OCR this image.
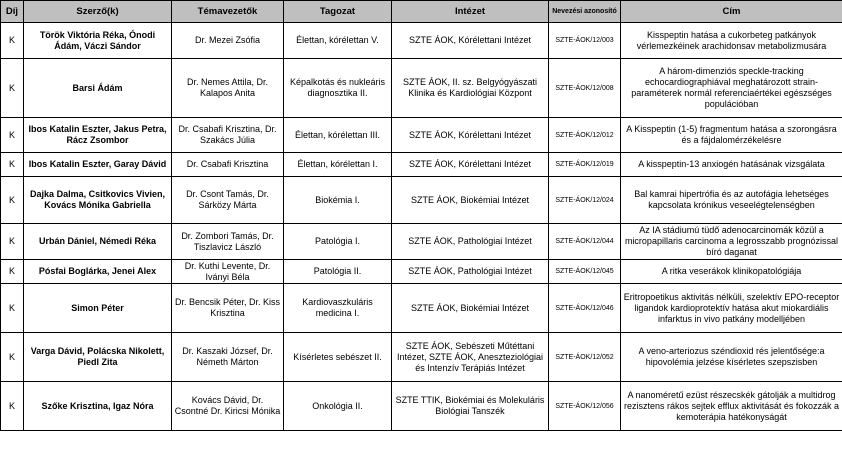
Díj	Szerző(k)	Témavezetők	Tagozat	Intézet	Nevezési azonosító	Cím
K	Török Viktória Réka, Ónodi Ádám, Váczi Sándor	Dr. Mezei Zsófia	Élettan, kórélettan V.	SZTE ÁOK, Kórélettani Intézet	SZTE-ÁOK/12/003	Kisspeptin hatása a cukorbeteg patkányok vérlemezkéinek arachidonsav metabolizmusára
K	Barsi Ádám	Dr. Nemes Attila, Dr. Kalapos Anita	Képalkotás és nukleáris diagnosztika II.	SZTE ÁOK, II. sz. Belgyógyászati Klinika és Kardiológiai Központ	SZTE-ÁOK/12/008	A három-dimenziós speckle-tracking echocardiographiával meghatározott strain-paraméterek normál referenciaértékei egészséges populációban
K	Ibos Katalin Eszter, Jakus Petra, Rácz Zsombor	Dr. Csabafi Krisztina, Dr. Szakács Júlia	Élettan, kórélettan III.	SZTE ÁOK, Kórélettani Intézet	SZTE-ÁOK/12/012	A Kisspeptin (1-5) fragmentum hatása a szorongásra és a fájdalomérzékelésre
K	Ibos Katalin Eszter, Garay Dávid	Dr. Csabafi Krisztina	Élettan, kórélettan I.	SZTE ÁOK, Kórélettani Intézet	SZTE-ÁOK/12/019	A kisspeptin-13 anxiogén hatásának vizsgálata
K	Dajka Dalma, Csitkovics Vivien, Kovács Mónika Gabriella	Dr. Csont Tamás, Dr. Sárközy Márta	Biokémia I.	SZTE ÁOK, Biokémiai Intézet	SZTE-ÁOK/12/024	Bal kamrai hipertrófia és az autofágia lehetséges kapcsolata krónikus veseelégtelenségben
K	Urbán Dániel, Némedi Réka	Dr. Zombori Tamás, Dr. Tiszlavicz László	Patológia I.	SZTE ÁOK, Pathológiai Intézet	SZTE-ÁOK/12/044	Az IA stádiumú tüdő adenocarcinomák közül a micropapillaris carcinoma a legrosszabb prognózissal bíró daganat
K	Pósfai Boglárka, Jenei Alex	Dr. Kuthi Levente, Dr. Iványi Béla	Patológia II.	SZTE ÁOK, Pathológiai Intézet	SZTE-ÁOK/12/045	A ritka veserákok klinikopatológiája
K	Simon Péter	Dr. Bencsik Péter, Dr. Kiss Krisztina	Kardiovaszkuláris medicina I.	SZTE ÁOK, Biokémiai Intézet	SZTE-ÁOK/12/046	Eritropoetikus aktivitás nélküli, szelektív EPO-receptor ligandok kardioprotektív hatása akut miokardiális infarktus in vivo patkány modelljében
K	Varga Dávid, Polácska Nikolett, Piedl Zita	Dr. Kaszaki József, Dr. Németh Márton	Kísérletes sebészet II.	SZTE ÁOK, Sebészeti Műtéttani Intézet, SZTE ÁOK, Aneszteziológiai és Intenzív Terápiás Intézet	SZTE-ÁOK/12/052	A veno-arteriozus széndioxid rés jelentősége:a hipovolémia jelzése kísérletes szepszisben
K	Szőke Krisztina, Igaz Nóra	Kovács Dávid, Dr. Csontné Dr. Kiricsi Mónika	Onkológia II.	SZTE TTIK, Biokémiai és Molekuláris Biológiai Tanszék	SZTE-ÁOK/12/056	A nanoméretű ezüst részecskék gátolják a multidrog rezisztens rákos sejtek efflux aktivitását és fokozzák a kemoterápia hatékonyságát
